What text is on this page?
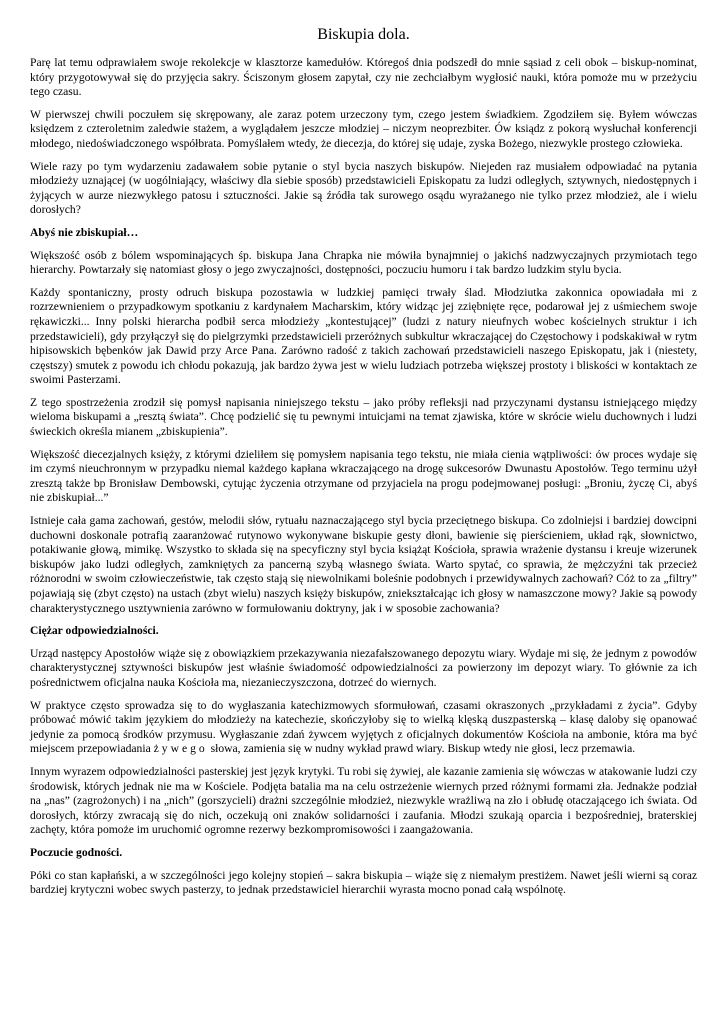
Biskupia dola.

Parę lat temu odprawiałem swoje rekolekcje w klasztorze kamedułów. Któregoś dnia podszedł do mnie sąsiad z celi obok – biskup-nominat, który przygotowywał się do przyjęcia sakry. Ściszonym głosem zapytał, czy nie zechciałbym wygłosić nauki, która pomoże mu w przeżyciu tego czasu.

W pierwszej chwili poczułem się skrępowany, ale zaraz potem urzeczony tym, czego jestem świadkiem. Zgodziłem się. Byłem wówczas księdzem z czteroletnim zaledwie stażem, a wyglądałem jeszcze młodziej – niczym neoprezbiter. Ów ksiądz z pokorą wysłuchał konferencji młodego, niedoświadczonego współbrata. Pomyślałem wtedy, że diecezja, do której się udaje, zyska Bożego, niezwykle prostego człowieka.

Wiele razy po tym wydarzeniu zadawałem sobie pytanie o styl bycia naszych biskupów. Niejeden raz musiałem odpowiadać na pytania młodzieży uznającej (w uogólniający, właściwy dla siebie sposób) przedstawicieli Episkopatu za ludzi odległych, sztywnych, niedostępnych i żyjących w aurze niezwykłego patosu i sztuczności. Jakie są źródła tak surowego osądu wyrażanego nie tylko przez młodzież, ale i wielu dorosłych?

Abyś nie zbiskupiał…

Większość osób z bólem wspominających śp. biskupa Jana Chrapka nie mówiła bynajmniej o jakichś nadzwyczajnych przymiotach tego hierarchy. Powtarzały się natomiast głosy o jego zwyczajności, dostępności, poczuciu humoru i tak bardzo ludzkim stylu bycia.

Każdy spontaniczny, prosty odruch biskupa pozostawia w ludzkiej pamięci trwały ślad. Młodziutka zakonnica opowiadała mi z rozrzewnieniem o przypadkowym spotkaniu z kardynałem Macharskim, który widząc jej zziębnięte ręce, podarował jej z uśmiechem swoje rękawiczki... Inny polski hierarcha podbił serca młodzieży „kontestującej” (ludzi z natury nieufnych wobec kościelnych struktur i ich przedstawicieli), gdy przyłączył się do pielgrzymki przedstawicieli przeróżnych subkultur wkraczającej do Częstochowy i podskakiwał w rytm hipisowskich bębenków jak Dawid przy Arce Pana. Zarówno radość z takich zachowań przedstawicieli naszego Episkopatu, jak i (niestety, częstszy) smutek z powodu ich chłodu pokazują, jak bardzo żywa jest w wielu ludziach potrzeba większej prostoty i bliskości w kontaktach ze swoimi Pasterzami.

Z tego spostrzeżenia zrodził się pomysł napisania niniejszego tekstu – jako próby refleksji nad przyczynami dystansu istniejącego między wieloma biskupami a „resztą świata”. Chcę podzielić się tu pewnymi intuicjami na temat zjawiska, które w skrócie wielu duchownych i ludzi świeckich określa mianem „zbiskupienia”.

Większość diecezjalnych księży, z którymi dzieliłem się pomysłem napisania tego tekstu, nie miała cienia wątpliwości: ów proces wydaje się im czymś nieuchronnym w przypadku niemal każdego kapłana wkraczającego na drogę sukcesorów Dwunastu Apostołów. Tego terminu użył zresztą także bp Bronisław Dembowski, cytując życzenia otrzymane od przyjaciela na progu podejmowanej posługi: „Broniu, życzę Ci, abyś nie zbiskupiał...”

Istnieje cała gama zachowań, gestów, melodii słów, rytuału naznaczającego styl bycia przeciętnego biskupa. Co zdolniejsi i bardziej dowcipni duchowni doskonale potrafią zaaranżować rutynowo wykonywane biskupie gesty dłoni, bawienie się pierścieniem, układ rąk, słownictwo, potakiwanie głową, mimikę. Wszystko to składa się na specyficzny styl bycia książąt Kościoła, sprawia wrażenie dystansu i kreuje wizerunek biskupów jako ludzi odległych, zamkniętych za pancerną szybą własnego świata. Warto spytać, co sprawia, że mężczyźni tak przecież różnorodni w swoim człowieczeństwie, tak często stają się niewolnikami boleśnie podobnych i przewidywalnych zachowań? Cóż to za „filtry” pojawiają się (zbyt często) na ustach (zbyt wielu) naszych księży biskupów, zniekształcając ich głosy w namaszczone mowy? Jakie są powody charakterystycznego usztywnienia zarówno w formułowaniu doktryny, jak i w sposobie zachowania?

Ciężar odpowiedzialności.

Urząd następcy Apostołów wiąże się z obowiązkiem przekazywania niezafałszowanego depozytu wiary. Wydaje mi się, że jednym z powodów charakterystycznej sztywności biskupów jest właśnie świadomość odpowiedzialności za powierzony im depozyt wiary. To głównie za ich pośrednictwem oficjalna nauka Kościoła ma, niezanieczyszczona, dotrzeć do wiernych.

W praktyce często sprowadza się to do wygłaszania katechizmowych sformułowań, czasami okraszonych „przykładami z życia”. Gdyby próbować mówić takim językiem do młodzieży na katechezie, skończyłoby się to wielką klęską duszpasterską – klasę daloby się opanować jedynie za pomocą środków przymusu. Wygłaszanie zdań żywcem wyjętych z oficjalnych dokumentów Kościoła na ambonie, która ma być miejscem przepowiadania żywego słowa, zamienia się w nudny wykład prawd wiary. Biskup wtedy nie głosi, lecz przemawia.

Innym wyrazem odpowiedzialności pasterskiej jest język krytyki. Tu robi się żywiej, ale kazanie zamienia się wówczas w atakowanie ludzi czy środowisk, których jednak nie ma w Kościele. Podjęta batalia ma na celu ostrzeżenie wiernych przed różnymi formami zła. Jednakże podział na „nas” (zagrożonych) i na „nich” (gorszycieli) drażni szczególnie młodzież, niezwykle wrażliwą na zło i obłudę otaczającego ich świata. Od dorosłych, którzy zwracają się do nich, oczekują oni znaków solidarności i zaufania. Młodzi szukają oparcia i bezpośredniej, braterskiej zachęty, która pomoże im uruchomić ogromne rezerwy bezkompromisowości i zaangażowania.

Poczucie godności.

Póki co stan kapłański, a w szczególności jego kolejny stopień – sakra biskupia – wiąże się z niemałym prestiżem. Nawet jeśli wierni są coraz bardziej krytyczni wobec swych pasterzy, to jednak przedstawiciel hierarchii wyrasta mocno ponad całą wspólnotę.
